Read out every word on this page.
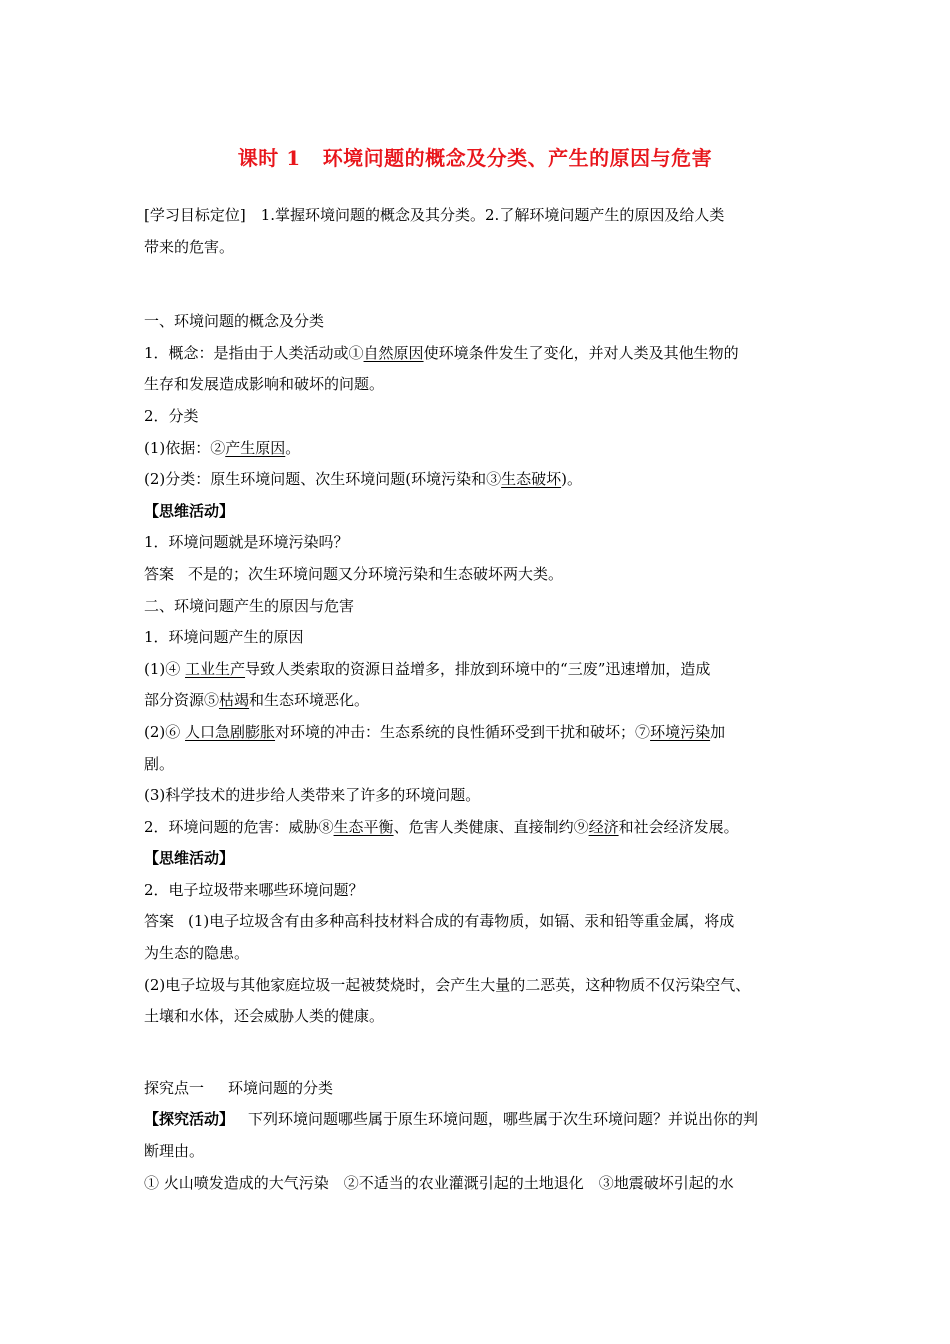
课时 1 环境问题的概念及分类、产生的原因与危害
[学习目标定位]　1.掌握环境问题的概念及其分类。2.了解环境问题产生的原因及给人类
带来的危害。
一、环境问题的概念及分类
1．概念：是指由于人类活动或①自然原因使环境条件发生了变化，并对人类及其他生物的
生存和发展造成影响和破坏的问题。
2．分类
(1)依据：②产生原因。
(2)分类：原生环境问题、次生环境问题(环境污染和③生态破坏)。
【思维活动】
1．环境问题就是环境污染吗？
答案 不是的；次生环境问题又分环境污染和生态破坏两大类。
二、环境问题产生的原因与危害
1．环境问题产生的原因
(1)④ 工业生产导致人类索取的资源日益增多，排放到环境中的“三废”迅速增加，造成
部分资源⑤枯竭和生态环境恶化。
(2)⑥ 人口急剧膨胀对环境的冲击：生态系统的良性循环受到干扰和破坏；⑦环境污染加
剧。
(3)科学技术的进步给人类带来了许多的环境问题。
2．环境问题的危害：威胁⑧生态平衡、危害人类健康、直接制约⑨经济和社会经济发展。
【思维活动】
2．电子垃圾带来哪些环境问题？
答案 (1)电子垃圾含有由多种高科技材料合成的有毒物质，如镉、汞和铅等重金属，将成
为生态的隐患。
(2)电子垃圾与其他家庭垃圾一起被焚烧时，会产生大量的二恶英，这种物质不仅污染空气、
土壤和水体，还会威胁人类的健康。
探究点一 环境问题的分类
【探究活动】 下列环境问题哪些属于原生环境问题，哪些属于次生环境问题？并说出你的判
断理由。
① 火山喷发造成的大气污染　②不适当的农业灌溉引起的土地退化　③地震破坏引起的水
